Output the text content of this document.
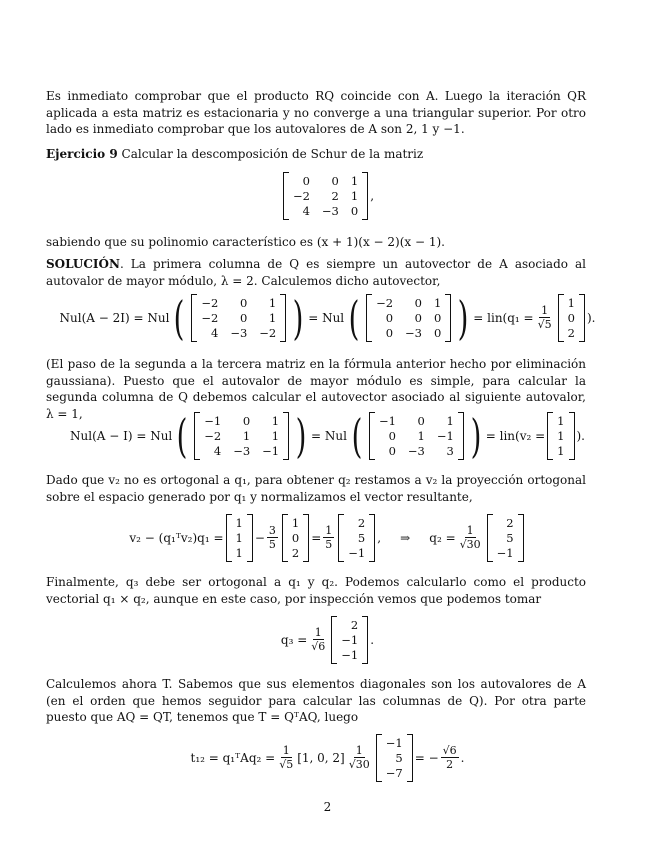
Es inmediato comprobar que el producto RQ coincide con A. Luego la iteración QR aplicada a esta matriz es estacionaria y no converge a una triangular superior. Por otro lado es inmediato comprobar que los autovalores de A son 2, 1 y −1.

Ejercicio 9 Calcular la descomposición de Schur de la matriz

0	0 1
−2	2 1
4 −3 0
,

sabiendo que su polinomio característico es (x + 1)(x − 2)(x − 1).

SOLUCIÓN. La primera columna de Q es siempre un autovector de A asociado al autovalor de mayor módulo, λ = 2. Calculemos dicho autovector,

Nul(A − 2I) = Nul ( −2	0	1
−2	0	1
4 −3 −2 ) = Nul ( −2	0 1
0	0 0
0 −3 0 ) = $lin(q_1 = \frac{1}{√5}$
1
0
2
).

(El paso de la segunda a la tercera matriz en la fórmula anterior hecho por eliminación gaussiana). Puesto que el autovalor de mayor módulo es simple, para calcular la segunda columna de Q debemos calcular el autovector asociado al siguiente autovalor, λ = 1,

Nul(A − I) = Nul ( −1	0	1
−2	1	1
4 −3 −1 ) = Nul ( −1	0	1
0	1 −1
0 −3	3 ) = lin(v₂ =
1
1
1
).

Dado que v₂ no es ortogonal a q₁, para obtener q₂ restamos a v₂ la proyección ortogonal sobre el espacio generado por q₁ y normalizamos el vector resultante,

v₂ − (q₁ᵀv₂)q₁ =
1
1
1
− $\frac{3}{5}$
1
0
2
= $\frac{1}{5}$
2
5
−1
,     ⇒     $q_2 = \frac{1}{√30}$
2
5
−1

Finalmente, q₃ debe ser ortogonal a q₁ y q₂. Podemos calcularlo como el producto vectorial q₁ × q₂, aunque en este caso, por inspección vemos que podemos tomar

$q_3 = \frac{1}{√6}$
2
−1
−1
.

Calculemos ahora T. Sabemos que sus elementos diagonales son los autovalores de A (en el orden que hemos seguidor para calcular las columnas de Q). Por otra parte puesto que AQ = QT, tenemos que T = QᵀAQ, luego

t₁₂ = q₁ᵀAq₂ = $\frac{1}{√5} [1$, 0, $2] \frac{1}{√30}$
−1
5
−7
= − $\frac{√6}{2}$ .
2
